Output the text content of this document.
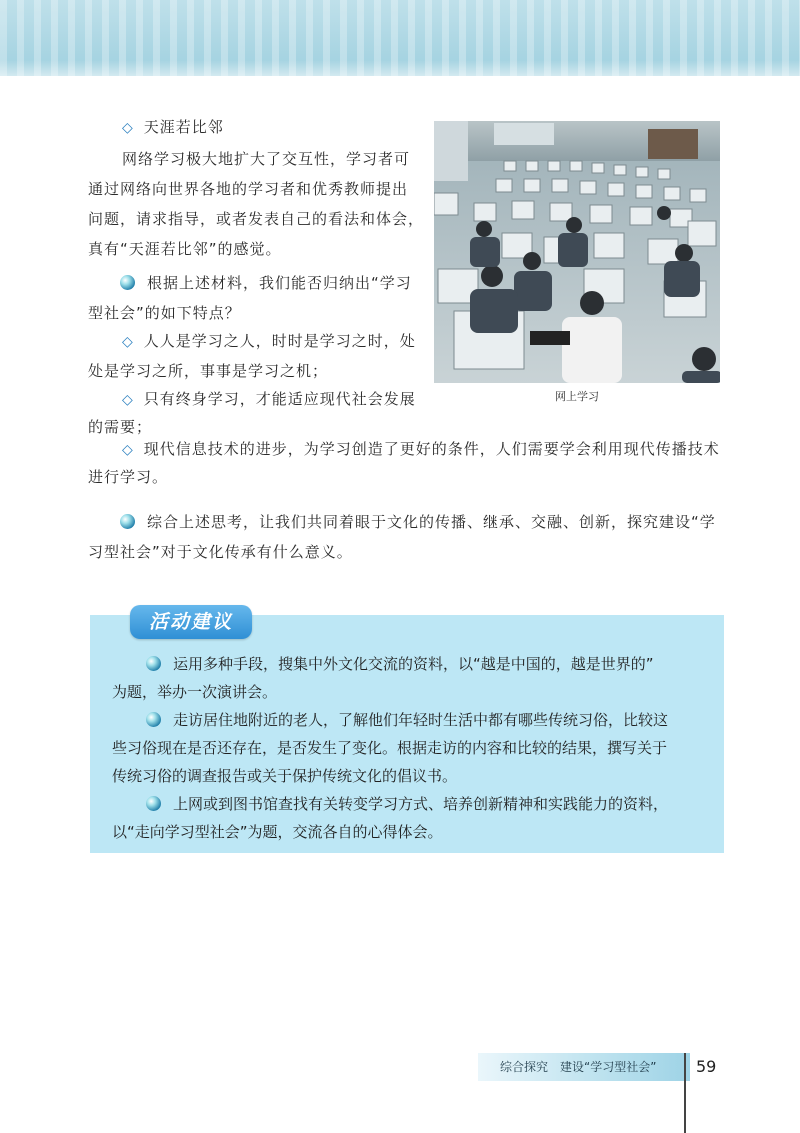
◇ 天涯若比邻
网络学习极大地扩大了交互性，学习者可
通过网络向世界各地的学习者和优秀教师提出
问题，请求指导，或者发表自己的看法和体会，
真有“天涯若比邻”的感觉。
根据上述材料，我们能否归纳出“学习
型社会”的如下特点？
◇ 人人是学习之人，时时是学习之时，处
处是学习之所，事事是学习之机；
◇ 只有终身学习，才能适应现代社会发展
的需要；
◇ 现代信息技术的进步，为学习创造了更好的条件，人们需要学会利用现代传播技术
进行学习。
综合上述思考，让我们共同着眼于文化的传播、继承、交融、创新，探究建设“学
习型社会”对于文化传承有什么意义。
网上学习
活动建议
运用多种手段，搜集中外文化交流的资料，以“越是中国的，越是世界的”
为题，举办一次演讲会。
走访居住地附近的老人，了解他们年轻时生活中都有哪些传统习俗，比较这
些习俗现在是否还存在，是否发生了变化。根据走访的内容和比较的结果，撰写关于
传统习俗的调查报告或关于保护传统文化的倡议书。
上网或到图书馆查找有关转变学习方式、培养创新精神和实践能力的资料，
以“走向学习型社会”为题，交流各自的心得体会。
综合探究　建设“学习型社会”	59
